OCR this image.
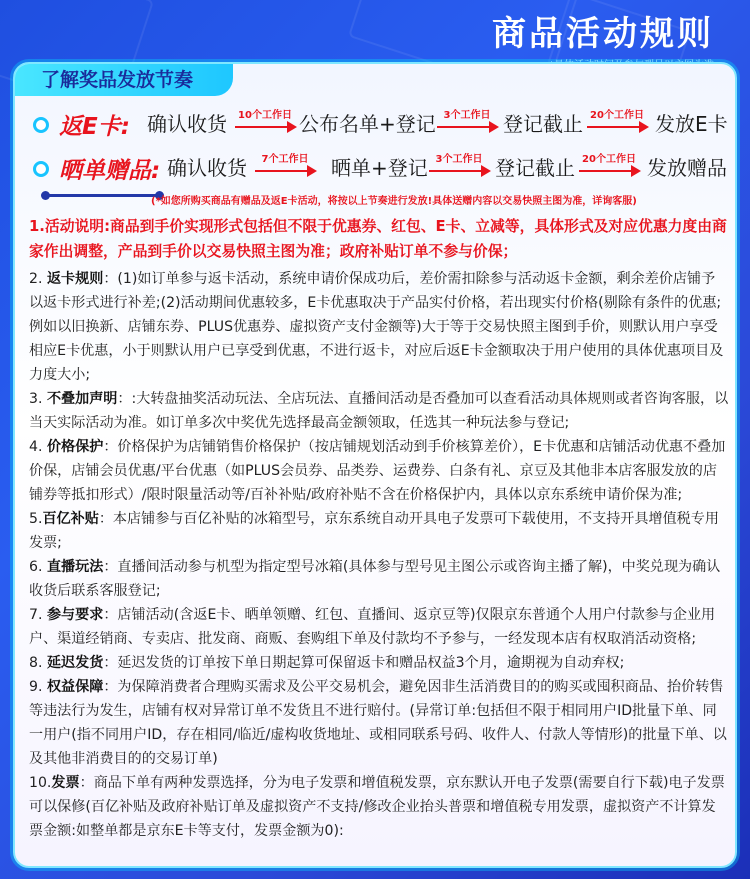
商品活动规则
了解奖品发放节奏
返E卡: 确认收货	10个工作日 公布名单+登记 3个工作日 登记截止 20个工作日 发放E卡
晒单赠品: 确认收货	7个工作日	晒单+登记 3个工作日 登记截止 20个工作日 发放赠品
(*如您所购买商品有赠品及返E卡活动，将按以上节奏进行发放!具体送赠内容以交易快照主图为准，详询客服)

1.活动说明:商品到手价实现形式包括但不限于优惠券、红包、E卡、立减等，具体形式及对应优惠力度由商家作出调整，产品到手价以交易快照主图为准；政府补贴订单不参与价保；

2. 返卡规则：(1)如订单参与返卡活动，系统申请价保成功后，差价需扣除参与活动返卡金额，剩余差价店铺予以返卡形式进行补差;(2)活动期间优惠较多，E卡优惠取决于产品实付价格，若出现实付价格(剔除有条件的优惠;例如以旧换新、店铺东券、PLUS优惠券、虚拟资产支付金额等)大于等于交易快照主图到手价，则默认用户享受相应E卡优惠，小于则默认用户已享受到优惠，不进行返卡，对应后返E卡金额取决于用户使用的具体优惠项目及力度大小;

3. 不叠加声明：:大转盘抽奖活动玩法、全店玩法、直播间活动是否叠加可以查看活动具体规则或者咨询客服，以当天实际活动为准。如订单多次中奖优先选择最高金额领取，任选其一种玩法参与登记;

4. 价格保护：价格保护为店铺销售价格保护（按店铺规划活动到手价核算差价），E卡优惠和店铺活动优惠不叠加价保，店铺会员优惠/平台优惠（如PLUS会员券、品类券、运费券、白条有礼、京豆及其他非本店客服发放的店铺券等抵扣形式）/限时限量活动等/百补补贴/政府补贴不含在价格保护内，具体以京东系统申请价保为准;

5.百亿补贴：本店铺参与百亿补贴的冰箱型号，京东系统自动开具电子发票可下载使用，不支持开具增值税专用发票;

6. 直播玩法：直播间活动参与机型为指定型号冰箱(具体参与型号见主图公示或咨询主播了解)，中奖兑现为确认收货后联系客服登记;

7. 参与要求：店铺活动(含返E卡、晒单领赠、红包、直播间、返京豆等)仅限京东普通个人用户付款参与企业用户、渠道经销商、专卖店、批发商、商贩、套购组下单及付款均不予参与，一经发现本店有权取消活动资格;

8. 延迟发货：延迟发货的订单按下单日期起算可保留返卡和赠品权益3个月，逾期视为自动弃权;

9. 权益保障：为保障消费者合理购买需求及公平交易机会，避免因非生活消费目的的购买或囤积商品、抬价转售等违法行为发生，店铺有权对异常订单不发货且不进行赔付。(异常订单:包括但不限于相同用户ID批量下单、同一用户(指不同用户ID，存在相同/临近/虚构收货地址、或相同联系号码、收件人、付款人等情形)的批量下单、以及其他非消费目的的交易订单)

10.发票：商品下单有两种发票选择，分为电子发票和增值税发票，京东默认开电子发票(需要自行下载)电子发票可以保修(百亿补贴及政府补贴订单及虚拟资产不支持/修改企业抬头普票和增值税专用发票，虚拟资产不计算发票金额:如整单都是京东E卡等支付，发票金额为0):
